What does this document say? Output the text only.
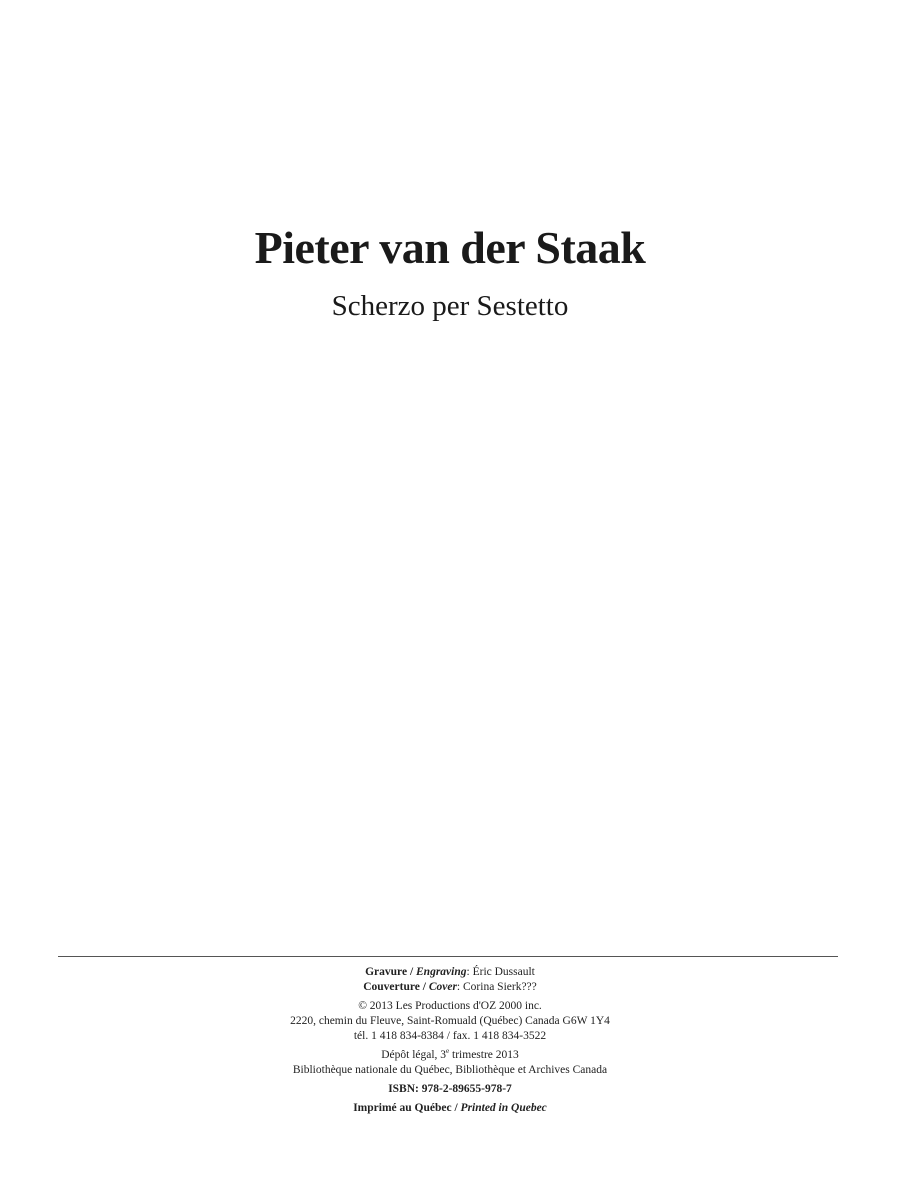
Pieter van der Staak
Scherzo per Sestetto
Gravure / Engraving: Éric Dussault
Couverture / Cover: Corina Sierk???
© 2013 Les Productions d'OZ 2000 inc.
2220, chemin du Fleuve, Saint-Romuald (Québec) Canada G6W 1Y4
tél. 1 418 834-8384 / fax. 1 418 834-3522
Dépôt légal, 3e trimestre 2013
Bibliothèque nationale du Québec, Bibliothèque et Archives Canada
ISBN: 978-2-89655-978-7
Imprimé au Québec / Printed in Quebec
